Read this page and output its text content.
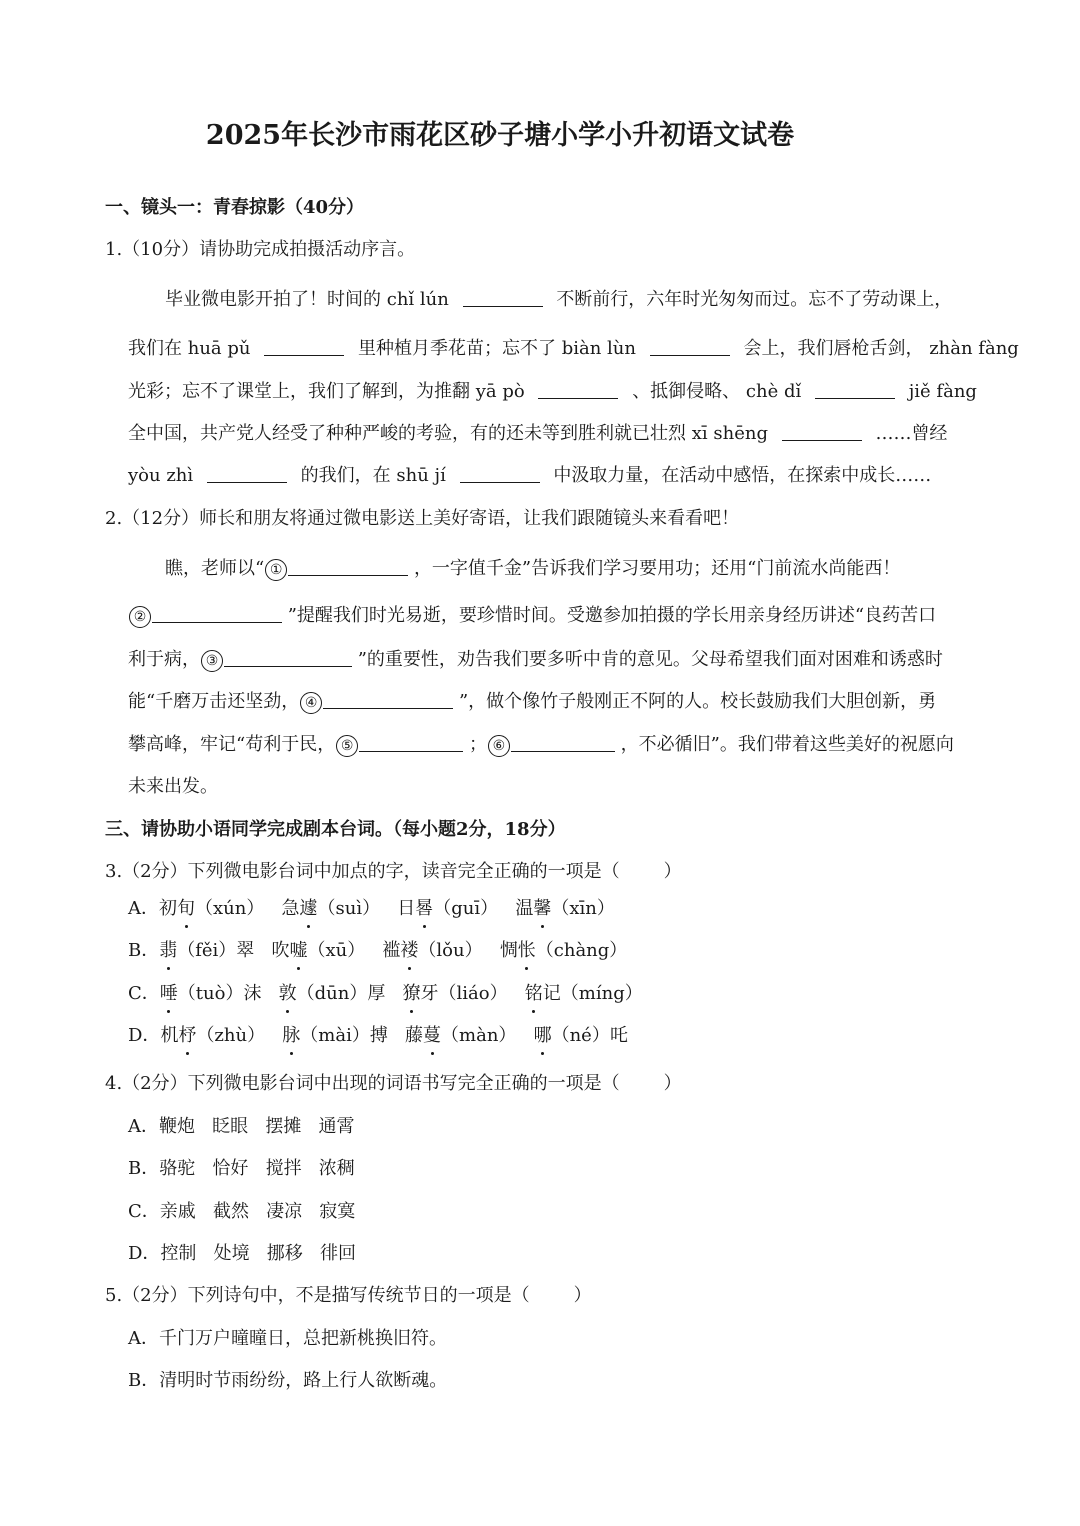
2025年长沙市雨花区砂子塘小学小升初语文试卷
一、镜头一：青春掠影（40分）
1.（10分）请协助完成拍摄活动序言。
毕业微电影开拍了！时间的 chǐ lún	不断前行，六年时光匆匆而过。忘不了劳动课上，
我们在 huā pǔ	里种植月季花苗；忘不了 biàn lùn	会上，我们唇枪舌剑， zhàn fàng
光彩；忘不了课堂上，我们了解到，为推翻 yā pò	、抵御侵略、 chè dǐ	jiě fàng
全中国，共产党人经受了种种严峻的考验，有的还未等到胜利就已壮烈 xī shēng	……曾经
yòu zhì	的我们，在 shū jí	中汲取力量，在活动中感悟，在探索中成长……
2.（12分）师长和朋友将通过微电影送上美好寄语，让我们跟随镜头来看看吧！
瞧，老师以“ ①	，一字值千金”告诉我们学习要用功；还用“门前流水尚能西！
②	”提醒我们时光易逝，要珍惜时间。受邀参加拍摄的学长用亲身经历讲述“良药苦口
利于病， ③	”的重要性，劝告我们要多听中肯的意见。父母希望我们面对困难和诱惑时
能“千磨万击还坚劲， ④	”，做个像竹子般刚正不阿的人。校长鼓励我们大胆创新，勇
攀高峰，牢记“苟利于民， ⑤	； ⑥	，不必循旧”。我们带着这些美好的祝愿向
未来出发。
三、请协助小语同学完成剧本台词。（每小题2分，18分）
3.（2分）下列微电影台词中加点的字，读音完全正确的一项是（ ）
A．初旬（xún） 急遽（suì） 日晷（guī） 温馨（xīn）
B．翡（fěi）翠 吹嘘（xū） 褴褛（lǒu） 惆怅（chàng）
C．唾（tuò）沫 敦（dūn）厚 獠牙（liáo） 铭记（míng）
D．机杼（zhù） 脉（mài）搏 藤蔓（màn） 哪（né）吒
4.（2分）下列微电影台词中出现的词语书写完全正确的一项是（ ）
A．鞭炮 眨眼 摆摊 通霄
B．骆驼 恰好 搅拌 浓稠
C．亲戚 截然 凄凉 寂寞
D．控制 处境 挪移 徘回
5.（2分）下列诗句中，不是描写传统节日的一项是（ ）
A．千门万户曈曈日，总把新桃换旧符。
B．清明时节雨纷纷，路上行人欲断魂。
